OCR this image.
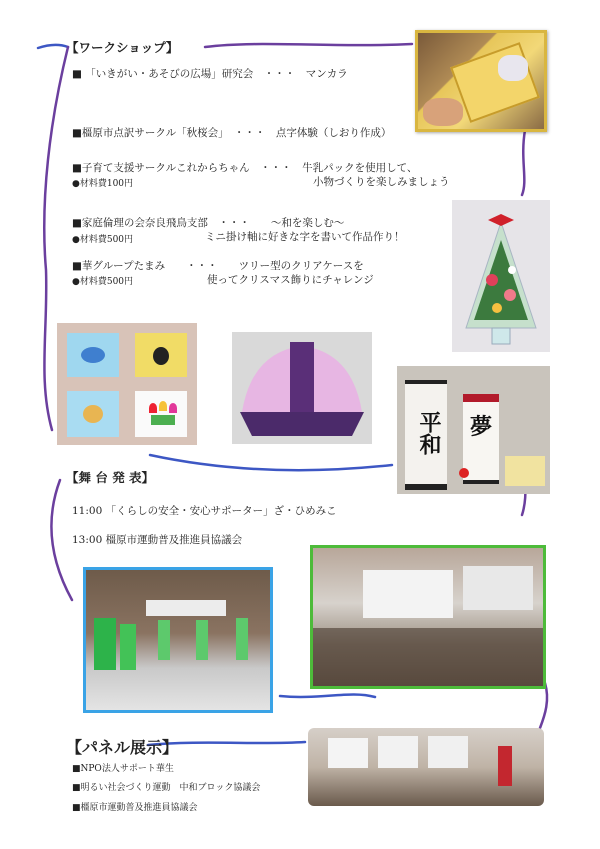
【ワークショップ】
■ 「いきがい・あそびの広場」研究会　・・・　マンカラ
■橿原市点訳サークル「秋桜会」　・・・　点字体験（しおり作成）
■子育て支援サークルこれからちゃん　・・・　牛乳パックを使用して、
●材料費100円	小物づくりを楽しみましょう
■家庭倫理の会奈良飛鳥支部　・・・　　～和を楽しむ～
●材料費500円	ミニ掛け軸に好きな字を書いて作品作り！
■華グループたまみ　　・・・　　ツリー型のクリアケースを
●材料費500円	使ってクリスマス飾りにチャレンジ
平和	夢
【舞 台 発 表】
11:00 「くらしの安全・安心サポーター」ざ・ひめみこ
13:00 橿原市運動普及推進員協議会
【パネル展示】
■NPO法人サポート華生
■明るい社会づくり運動　中和ブロック協議会
■橿原市運動普及推進員協議会
